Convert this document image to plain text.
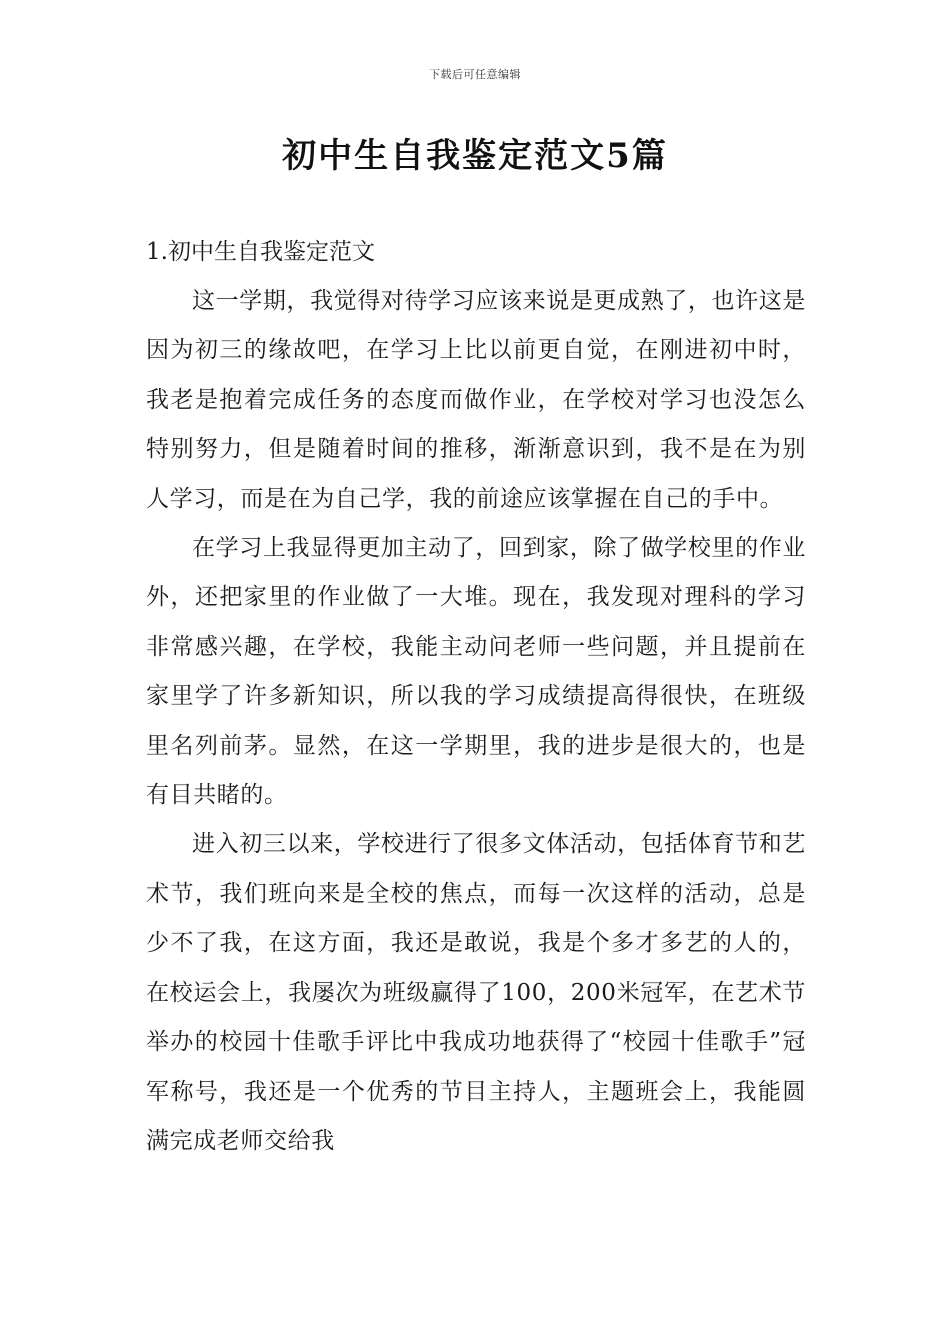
下载后可任意编辑
初中生自我鉴定范文5篇

1.初中生自我鉴定范文

这一学期，我觉得对待学习应该来说是更成熟了，也许这是因为初三的缘故吧，在学习上比以前更自觉，在刚进初中时，我老是抱着完成任务的态度而做作业，在学校对学习也没怎么特别努力，但是随着时间的推移，渐渐意识到，我不是在为别人学习，而是在为自己学，我的前途应该掌握在自己的手中。

在学习上我显得更加主动了，回到家，除了做学校里的作业外，还把家里的作业做了一大堆。现在，我发现对理科的学习非常感兴趣，在学校，我能主动问老师一些问题，并且提前在家里学了许多新知识，所以我的学习成绩提高得很快，在班级里名列前茅。显然，在这一学期里，我的进步是很大的，也是有目共睹的。

进入初三以来，学校进行了很多文体活动，包括体育节和艺术节，我们班向来是全校的焦点，而每一次这样的活动，总是少不了我，在这方面，我还是敢说，我是个多才多艺的人的，在校运会上，我屡次为班级赢得了100，200米冠军，在艺术节举办的校园十佳歌手评比中我成功地获得了“校园十佳歌手”冠军称号，我还是一个优秀的节目主持人，主题班会上，我能圆满完成老师交给我
